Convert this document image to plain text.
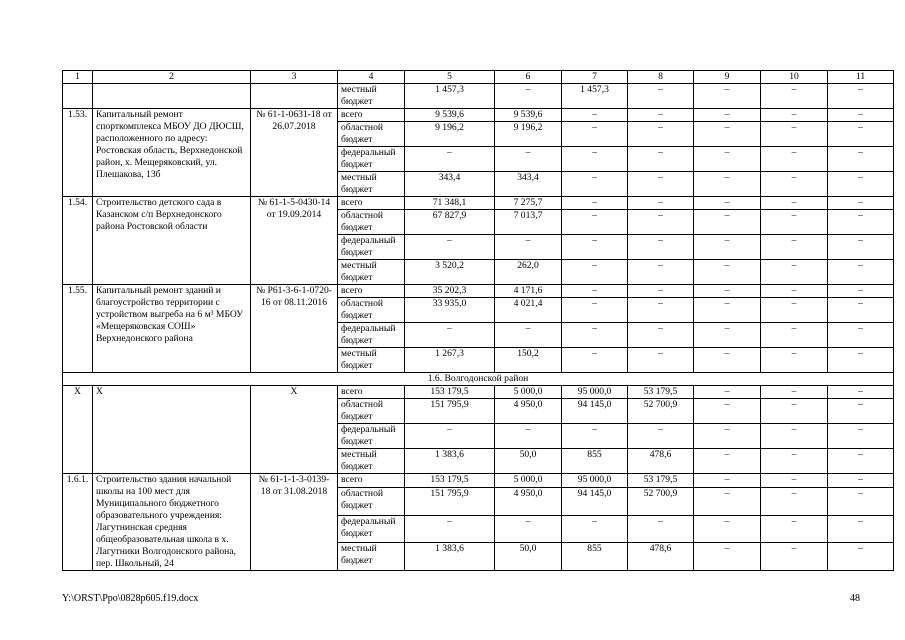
1	2	3	4	5	6	7	8	9	10	11
			местный бюджет	1 457,3	–	1 457,3	–	–	–	–
1.53.	Капитальный ремонт спорткомплекса МБОУ ДО ДЮСШ, расположенного по адресу: Ростовская область, Верхнедонской район, х. Мещеряковский, ул. Плешакова, 13б	№ 61-1-0631-18 от 26.07.2018	всего	9 539,6	9 539,6	–	–	–	–	–
			областной бюджет	9 196,2	9 196,2	–	–	–	–	–
			федеральный бюджет	–	–	–	–	–	–	–
			местный бюджет	343,4	343,4	–	–	–	–	–
1.54.	Строительство детского сада в Казанском с/п Верхнедонского района Ростовской области	№ 61-1-5-0430-14 от 19.09.2014	всего	71 348,1	7 275,7	–	–	–	–	–
			областной бюджет	67 827,9	7 013,7	–	–	–	–	–
			федеральный бюджет	–	–	–	–	–	–	–
			местный бюджет	3 520,2	262,0	–	–	–	–	–
1.55.	Капитальный ремонт зданий и благоустройство территории с устройством выгреба на 6 м³ МБОУ «Мещеряковская СОШ» Верхнедонского района	№ Р61-3-6-1-0720-16 от 08.11.2016	всего	35 202,3	4 171,6	–	–	–	–	–
			областной бюджет	33 935,0	4 021,4	–	–	–	–	–
			федеральный бюджет	–	–	–	–	–	–	–
			местный бюджет	1 267,3	150,2	–	–	–	–	–
1.6. Волгодонской район										
Х	Х	Х	всего	153 179,5	5 000,0	95 000,0	53 179,5	–	–	–
			областной бюджет	151 795,9	4 950,0	94 145,0	52 700,9	–	–	–
			федеральный бюджет	–	–	–	–	–	–	–
			местный бюджет	1 383,6	50,0	855	478,6	–	–	–
1.6.1.	Строительство здания начальной школы на 100 мест для Муниципального бюджетного образовательного учреждения: Лагутнинская средняя общеобразовательная школа в х. Лагутники Волгодонского района, пер. Школьный, 24	№ 61-1-1-3-0139-18 от 31.08.2018	всего	153 179,5	5 000,0	95 000,0	53 179,5	–	–	–
			областной бюджет	151 795,9	4 950,0	94 145,0	52 700,9	–	–	–
			федеральный бюджет	–	–	–	–	–	–	–
			местный бюджет	1 383,6	50,0	855	478,6	–	–	–
Y:\ORST\Ppo\0828p605.f19.docx	48
